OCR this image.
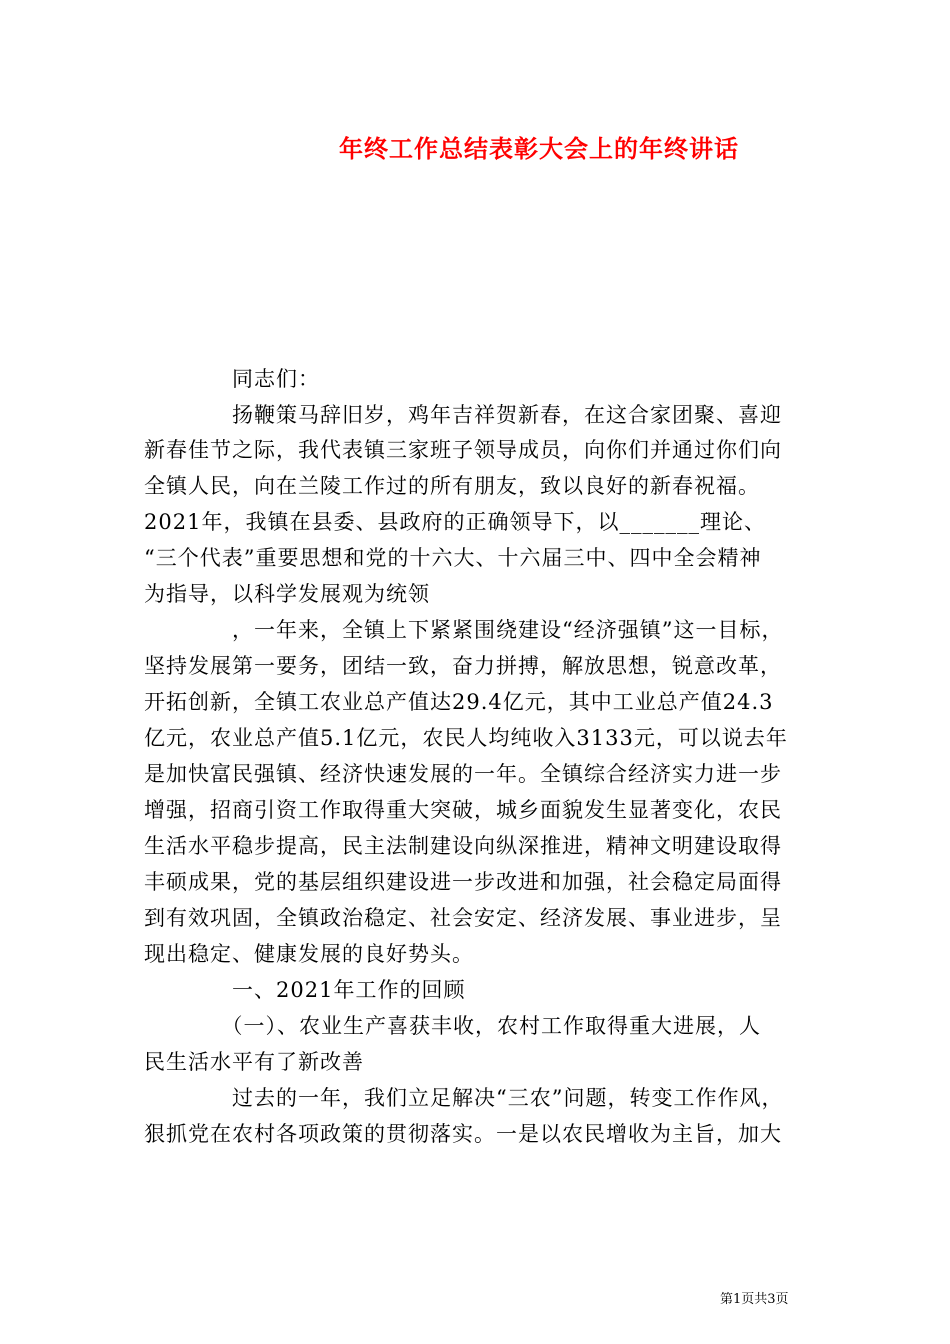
年终工作总结表彰大会上的年终讲话
　　　　同志们：
　　　　扬鞭策马辞旧岁，鸡年吉祥贺新春，在这合家团聚、喜迎
新春佳节之际，我代表镇三家班子领导成员，向你们并通过你们向
全镇人民，向在兰陵工作过的所有朋友，致以良好的新春祝福。
2021年，我镇在县委、县政府的正确领导下，以_______理论、
“三个代表”重要思想和党的十六大、十六届三中、四中全会精神
为指导，以科学发展观为统领
　　　　，一年来，全镇上下紧紧围绕建设“经济强镇”这一目标，
坚持发展第一要务，团结一致，奋力拼搏，解放思想，锐意改革，
开拓创新，全镇工农业总产值达29.4亿元，其中工业总产值24.3
亿元，农业总产值5.1亿元，农民人均纯收入3133元，可以说去年
是加快富民强镇、经济快速发展的一年。全镇综合经济实力进一步
增强，招商引资工作取得重大突破，城乡面貌发生显著变化，农民
生活水平稳步提高，民主法制建设向纵深推进，精神文明建设取得
丰硕成果，党的基层组织建设进一步改进和加强，社会稳定局面得
到有效巩固，全镇政治稳定、社会安定、经济发展、事业进步，呈
现出稳定、健康发展的良好势头。
　　　　一、2021年工作的回顾
　　　　（一）、农业生产喜获丰收，农村工作取得重大进展，人
民生活水平有了新改善
　　　　过去的一年，我们立足解决“三农”问题，转变工作作风，
狠抓党在农村各项政策的贯彻落实。一是以农民增收为主旨，加大
第1页共3页
